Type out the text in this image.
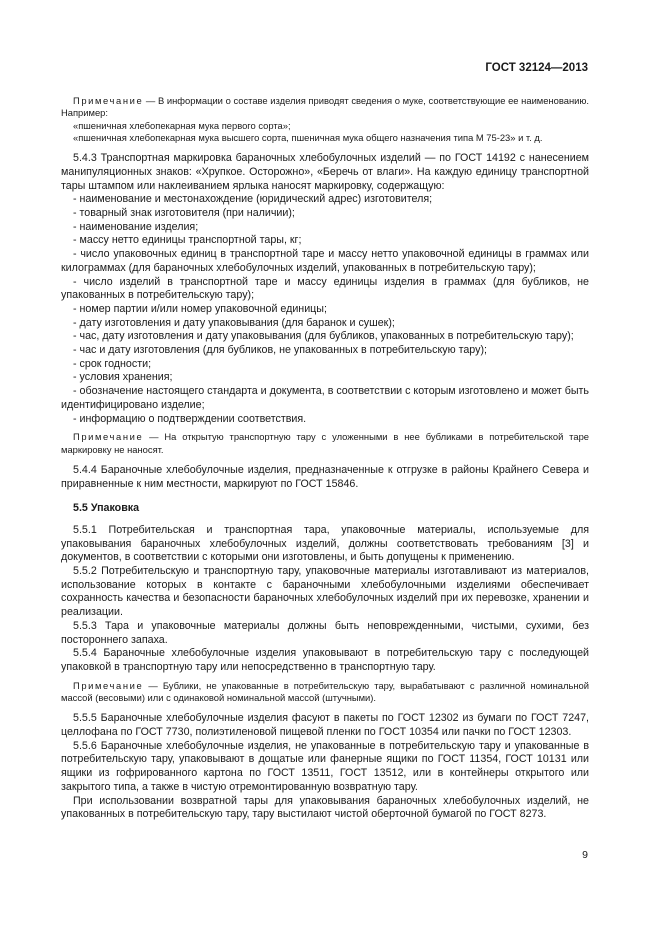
ГОСТ 32124—2013

Примечание — В информации о составе изделия приводят сведения о муке, соответствующие ее наименованию. Например:

«пшеничная хлебопекарная мука первого сорта»;

«пшеничная хлебопекарная мука высшего сорта, пшеничная мука общего назначения типа М 75-23» и т. д.

5.4.3 Транспортная маркировка бараночных хлебобулочных изделий — по ГОСТ 14192 с нанесением манипуляционных знаков: «Хрупкое. Осторожно», «Беречь от влаги». На каждую единицу транспортной тары штампом или наклеиванием ярлыка наносят маркировку, содержащую:

- наименование и местонахождение (юридический адрес) изготовителя;

- товарный знак изготовителя (при наличии);

- наименование изделия;

- массу нетто единицы транспортной тары, кг;

- число упаковочных единиц в транспортной таре и массу нетто упаковочной единицы в граммах или килограммах (для бараночных хлебобулочных изделий, упакованных в потребительскую тару);

- число изделий в транспортной таре и массу единицы изделия в граммах (для бубликов, не упакованных в потребительскую тару);

- номер партии и/или номер упаковочной единицы;

- дату изготовления и дату упаковывания (для баранок и сушек);

- час, дату изготовления и дату упаковывания (для бубликов, упакованных в потребительскую тару);

- час и дату изготовления (для бубликов, не упакованных в потребительскую тару);

- срок годности;

- условия хранения;

- обозначение настоящего стандарта и документа, в соответствии с которым изготовлено и может быть идентифицировано изделие;

- информацию о подтверждении соответствия.

Примечание — На открытую транспортную тару с уложенными в нее бубликами в потребительской таре маркировку не наносят.

5.4.4 Бараночные хлебобулочные изделия, предназначенные к отгрузке в районы Крайнего Севера и приравненные к ним местности, маркируют по ГОСТ 15846.

5.5 Упаковка

5.5.1 Потребительская и транспортная тара, упаковочные материалы, используемые для упаковывания бараночных хлебобулочных изделий, должны соответствовать требованиям [3] и документов, в соответствии с которыми они изготовлены, и быть допущены к применению.

5.5.2 Потребительскую и транспортную тару, упаковочные материалы изготавливают из материалов, использование которых в контакте с бараночными хлебобулочными изделиями обеспечивает сохранность качества и безопасности бараночных хлебобулочных изделий при их перевозке, хранении и реализации.

5.5.3 Тара и упаковочные материалы должны быть неповрежденными, чистыми, сухими, без постороннего запаха.

5.5.4 Бараночные хлебобулочные изделия упаковывают в потребительскую тару с последующей упаковкой в транспортную тару или непосредственно в транспортную тару.

Примечание — Бублики, не упакованные в потребительскую тару, вырабатывают с различной номинальной массой (весовыми) или с одинаковой номинальной массой (штучными).

5.5.5 Бараночные хлебобулочные изделия фасуют в пакеты по ГОСТ 12302 из бумаги по ГОСТ 7247, целлофана по ГОСТ 7730, полиэтиленовой пищевой пленки по ГОСТ 10354 или пачки по ГОСТ 12303.

5.5.6 Бараночные хлебобулочные изделия, не упакованные в потребительскую тару и упакованные в потребительскую тару, упаковывают в дощатые или фанерные ящики по ГОСТ 11354, ГОСТ 10131 или ящики из гофрированного картона по ГОСТ 13511, ГОСТ 13512, или в контейнеры открытого или закрытого типа, а также в чистую отремонтированную возвратную тару.

При использовании возвратной тары для упаковывания бараночных хлебобулочных изделий, не упакованных в потребительскую тару, тару выстилают чистой оберточной бумагой по ГОСТ 8273.

9
